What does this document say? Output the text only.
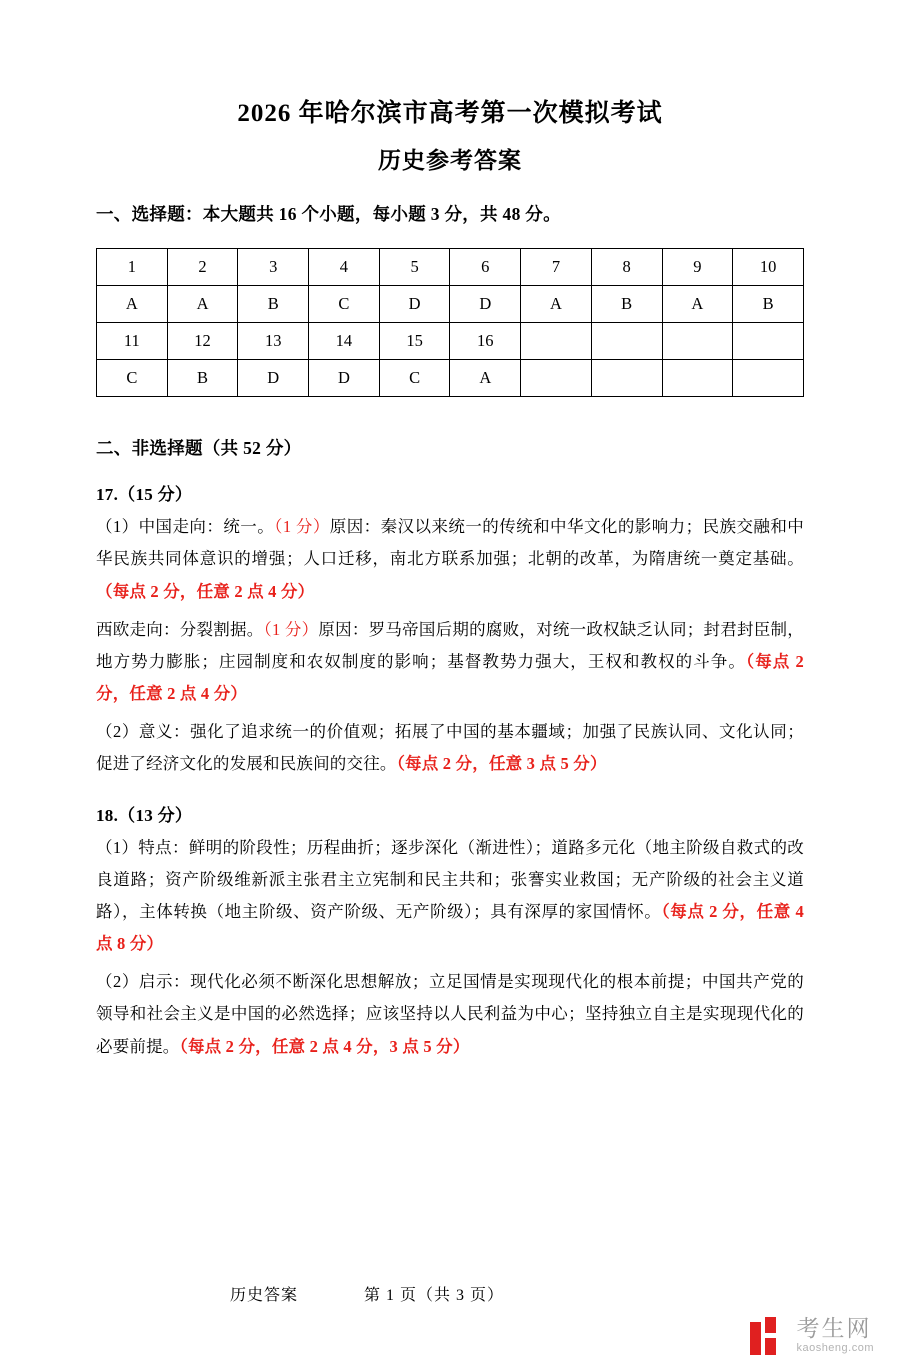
2026 年哈尔滨市高考第一次模拟考试
历史参考答案
一、选择题：本大题共 16 个小题，每小题 3 分，共 48 分。
1	2	3	4	5	6	7	8	9	10
A	A	B	C	D	D	A	B	A	B
11	12	13	14	15	16				
C	B	D	D	C	A				
二、非选择题（共 52 分）
17.（15 分）

（1）中国走向：统一。（1 分）原因：秦汉以来统一的传统和中华文化的影响力；民族交融和中华民族共同体意识的增强；人口迁移，南北方联系加强；北朝的改革，为隋唐统一奠定基础。（每点 2 分，任意 2 点 4 分）

西欧走向：分裂割据。（1 分）原因：罗马帝国后期的腐败，对统一政权缺乏认同；封君封臣制，地方势力膨胀；庄园制度和农奴制度的影响；基督教势力强大，王权和教权的斗争。（每点 2 分，任意 2 点 4 分）

（2）意义：强化了追求统一的价值观；拓展了中国的基本疆域；加强了民族认同、文化认同；促进了经济文化的发展和民族间的交往。（每点 2 分，任意 3 点 5 分）

18.（13 分）

（1）特点：鲜明的阶段性；历程曲折；逐步深化（渐进性）；道路多元化（地主阶级自救式的改良道路；资产阶级维新派主张君主立宪制和民主共和；张謇实业救国；无产阶级的社会主义道路），主体转换（地主阶级、资产阶级、无产阶级）；具有深厚的家国情怀。（每点 2 分，任意 4 点 8 分）

（2）启示：现代化必须不断深化思想解放；立足国情是实现现代化的根本前提；中国共产党的领导和社会主义是中国的必然选择；应该坚持以人民利益为中心；坚持独立自主是实现现代化的必要前提。（每点 2 分，任意 2 点 4 分，3 点 5 分）

历史答案	第 1 页（共 3 页）
考生网
kaosheng.com
